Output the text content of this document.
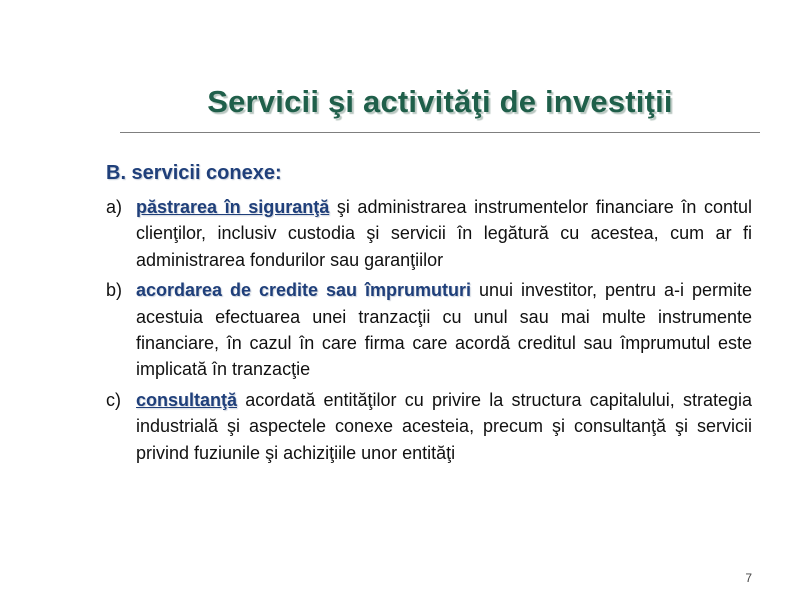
Servicii şi activităţi de investiţii

B. servicii conexe:

a) păstrarea în siguranţă şi administrarea instrumentelor financiare în contul clienţilor, inclusiv custodia şi servicii în legătură cu acestea, cum ar fi administrarea fondurilor sau garanţiilor
b) acordarea de credite sau împrumuturi unui investitor, pentru a-i permite acestuia efectuarea unei tranzacţii cu unul sau mai multe instrumente financiare, în cazul în care firma care acordă creditul sau împrumutul este implicată în tranzacţie
c) consultanţă acordată entităţilor cu privire la structura capitalului, strategia industrială şi aspectele conexe acesteia, precum şi consultanţă şi servicii privind fuziunile şi achiziţiile unor entităţi
7
